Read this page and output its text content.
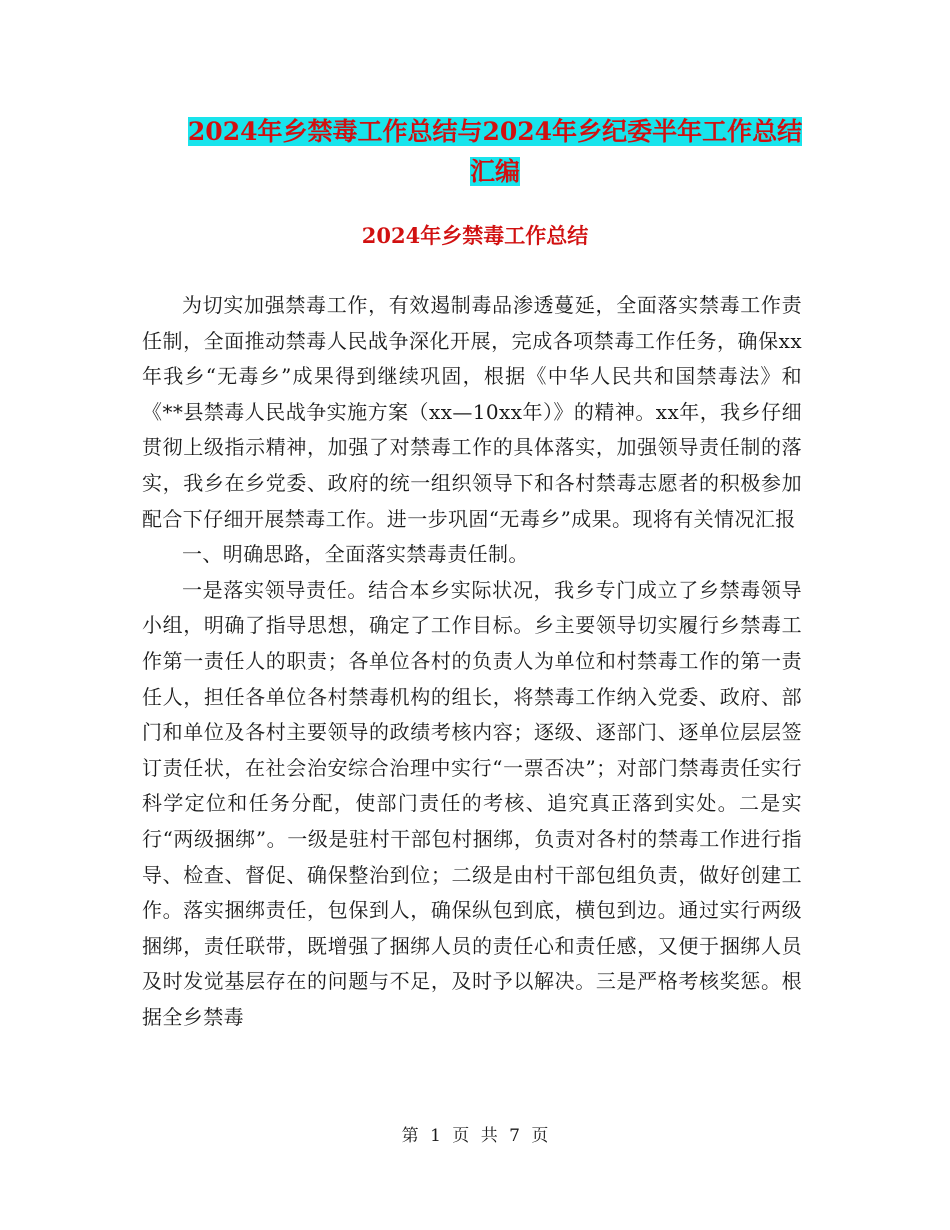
2024年乡禁毒工作总结与2024年乡纪委半年工作总结
汇编
2024年乡禁毒工作总结

为切实加强禁毒工作，有效遏制毒品渗透蔓延，全面落实禁毒工作责任制，全面推动禁毒人民战争深化开展，完成各项禁毒工作任务，确保xx年我乡“无毒乡”成果得到继续巩固，根据《中华人民共和国禁毒法》和《**县禁毒人民战争实施方案（xx—10xx年）》的精神。xx年，我乡仔细贯彻上级指示精神，加强了对禁毒工作的具体落实，加强领导责任制的落实，我乡在乡党委、政府的统一组织领导下和各村禁毒志愿者的积极参加配合下仔细开展禁毒工作。进一步巩固“无毒乡”成果。现将有关情况汇报

一、明确思路，全面落实禁毒责任制。

一是落实领导责任。结合本乡实际状况，我乡专门成立了乡禁毒领导小组，明确了指导思想，确定了工作目标。乡主要领导切实履行乡禁毒工作第一责任人的职责；各单位各村的负责人为单位和村禁毒工作的第一责任人，担任各单位各村禁毒机构的组长，将禁毒工作纳入党委、政府、部门和单位及各村主要领导的政绩考核内容；逐级、逐部门、逐单位层层签订责任状，在社会治安综合治理中实行“一票否决”；对部门禁毒责任实行科学定位和任务分配，使部门责任的考核、追究真正落到实处。二是实行“两级捆绑”。一级是驻村干部包村捆绑，负责对各村的禁毒工作进行指导、检查、督促、确保整治到位；二级是由村干部包组负责，做好创建工作。落实捆绑责任，包保到人，确保纵包到底，横包到边。通过实行两级捆绑，责任联带，既增强了捆绑人员的责任心和责任感，又便于捆绑人员及时发觉基层存在的问题与不足，及时予以解决。三是严格考核奖惩。根据全乡禁毒

第 1 页 共 7 页
